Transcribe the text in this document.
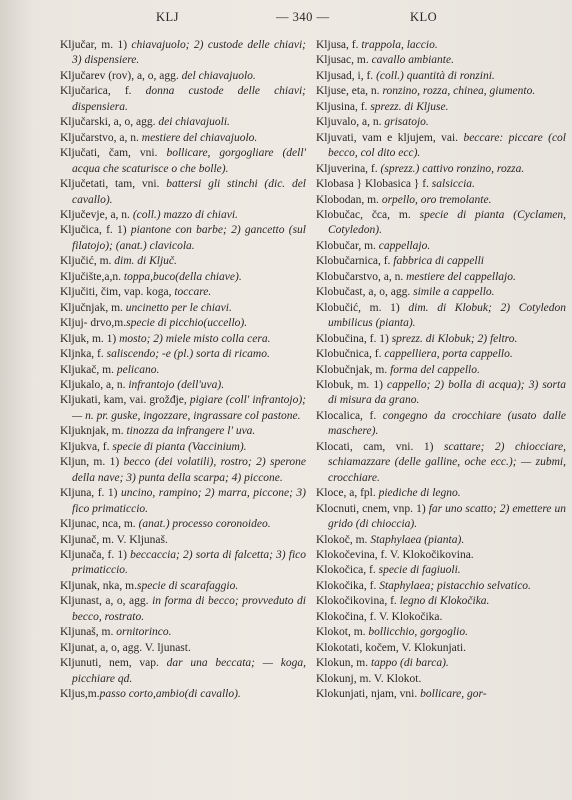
KLJ	— 340 —	KLO

Ključar, m. 1) chiavajuolo; 2) custode delle chiavi; 3) dispensiere.

Ključarev (rov), a, o, agg. del chiavajuolo.

Ključarica, f. donna custode delle chiavi; dispensiera.

Ključarski, a, o, agg. dei chiavajuoli.

Ključarstvo, a, n. mestiere del chiavajuolo.

Ključati, čam, vni. bollicare, gorgogliare (dell' acqua che scaturisce o che bolle).

Ključetati, tam, vni. battersi gli stinchi (dic. del cavallo).

Ključevje, a, n. (coll.) mazzo di chiavi.

Ključica, f. 1) piantone con barbe; 2) gancetto (sul filatojo); (anat.) clavicola.

Ključić, m. dim. di Ključ.

Ključište,a,n. toppa,buco(della chiave).

Ključiti, čim, vap. koga, toccare.

Ključnjak, m. uncinetto per le chiavi.

Kljuj- drvo,m.specie di picchio(uccello).

Kljuk, m. 1) mosto; 2) miele misto colla cera.

Kljnka, f. saliscendo; -e (pl.) sorta di ricamo.

Kljukač, m. pelicano.

Kljukalo, a, n. infrantojo (dell'uva).

Kljukati, kam, vai. grožđje, pigiare (coll' infrantojo); — n. pr. guske, ingozzare, ingrassare col pastone.

Kljuknjak, m. tinozza da infrangere l' uva.

Kljukva, f. specie di pianta (Vaccinium).

Kljun, m. 1) becco (dei volatili), rostro; 2) sperone della nave; 3) punta della scarpa; 4) piccone.

Kljuna, f. 1) uncino, rampino; 2) marra, piccone; 3) fico primaticcio.

Kljunac, nca, m. (anat.) processo coronoideo.

Kljunač, m. V. Kljunaš.

Kljunača, f. 1) beccaccia; 2) sorta di falcetta; 3) fico primaticcio.

Kljunak, nka, m.specie di scarafaggio.

Kljunast, a, o, agg. in forma di becco; provveduto di becco, rostrato.

Kljunaš, m. ornitorinco.

Kljunat, a, o, agg. V. ljunast.

Kljunuti, nem, vap. dar una beccata; — koga, picchiare qd.

Kljus,m.passo corto,ambio(di cavallo).

Kljusa, f. trappola, laccio.

Kljusac, m. cavallo ambiante.

Kljusad, i, f. (coll.) quantità di ronzini.

Kljuse, eta, n. ronzino, rozza, chinea, giumento.

Kljusina, f. sprezz. di Kljuse.

Kljuvalo, a, n. grisatojo.

Kljuvati, vam e kljujem, vai. beccare: piccare (col becco, col dito ecc).

Kljuverina, f. (sprezz.) cattivo ronzino, rozza.

Klobasa } Klobasica } f. salsiccia.

Klobodan, m. orpello, oro tremolante.

Klobučac, čca, m. specie di pianta (Cyclamen, Cotyledon).

Klobučar, m. cappellajo.

Klobučarnica, f. fabbrica di cappelli

Klobučarstvo, a, n. mestiere del cappellajo.

Klobučast, a, o, agg. simile a cappello.

Klobučić, m. 1) dim. di Klobuk; 2) Cotyledon umbilicus (pianta).

Klobučina, f. 1) sprezz. di Klobuk; 2) feltro.

Klobučnica, f. cappelliera, porta cappello.

Klobučnjak, m. forma del cappello.

Klobuk, m. 1) cappello; 2) bolla di acqua); 3) sorta di misura da grano.

Klocalica, f. congegno da crocchiare (usato dalle maschere).

Klocati, cam, vni. 1) scattare; 2) chiocciare, schiamazzare (delle galline, oche ecc.); — zubmi, crocchiare.

Kloce, a, fpl. piediche di legno.

Klocnuti, cnem, vnp. 1) far uno scatto; 2) emettere un grido (di chioccia).

Klokoč, m. Staphylaea (pianta).

Klokočevina, f. V. Klokočikovina.

Klokočica, f. specie di fagiuoli.

Klokočika, f. Staphylaea; pistacchio selvatico.

Klokočikovina, f. legno di Klokočika.

Klokočina, f. V. Klokočika.

Klokot, m. bollicchio, gorgoglio.

Klokotati, kočem, V. Klokunjati.

Klokun, m. tappo (di barca).

Klokunj, m. V. Klokot.

Klokunjati, njam, vni. bollicare, gor-
